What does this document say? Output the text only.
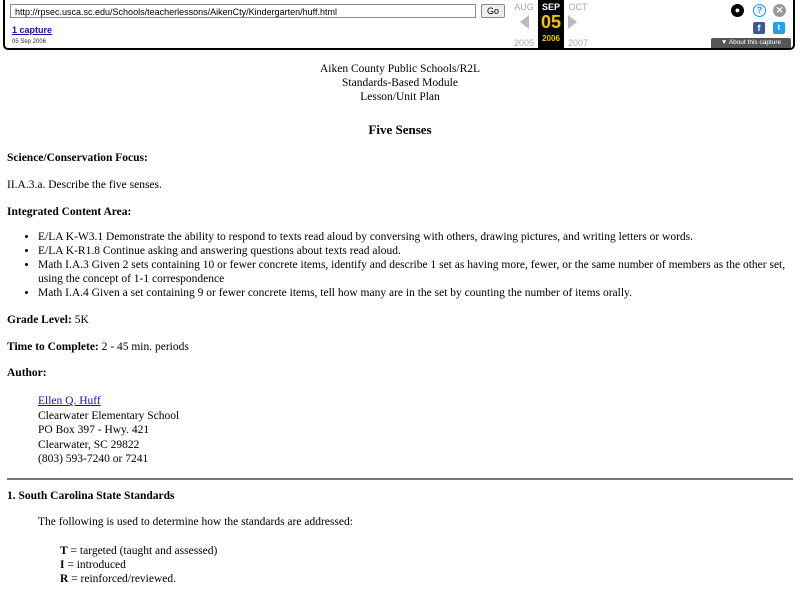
http://rpsec.usca.sc.edu/Schools/teacherlessons/AikenCty/Kindergarten/huff.html	Go
1 capture
05 Sep 2006
AUG	OCT
2005	2007
SEP
05
2006
●	?	✕
f	t
▼ About this capture
Aiken County Public Schools/R2L
Standards-Based Module
Lesson/Unit Plan
Five Senses
Science/Conservation Focus:
II.A.3.a. Describe the five senses.
Integrated Content Area:
• E/LA K-W3.1 Demonstrate the ability to respond to texts read aloud by conversing with others, drawing pictures, and writing letters or words.
• E/LA K-R1.8 Continue asking and answering questions about texts read aloud.
• Math I.A.3 Given 2 sets containing 10 or fewer concrete items, identify and describe 1 set as having more, fewer, or the same number of members as the other set, using the concept of 1-1 correspondence
• Math I.A.4 Given a set containing 9 or fewer concrete items, tell how many are in the set by counting the number of items orally.
Grade Level: 5K
Time to Complete: 2 - 45 min. periods
Author:
Ellen Q. Huff
Clearwater Elementary School
PO Box 397 - Hwy. 421
Clearwater, SC 29822
(803) 593-7240 or 7241
1. South Carolina State Standards
The following is used to determine how the standards are addressed:
T = targeted (taught and assessed)
I = introduced
R = reinforced/reviewed.
